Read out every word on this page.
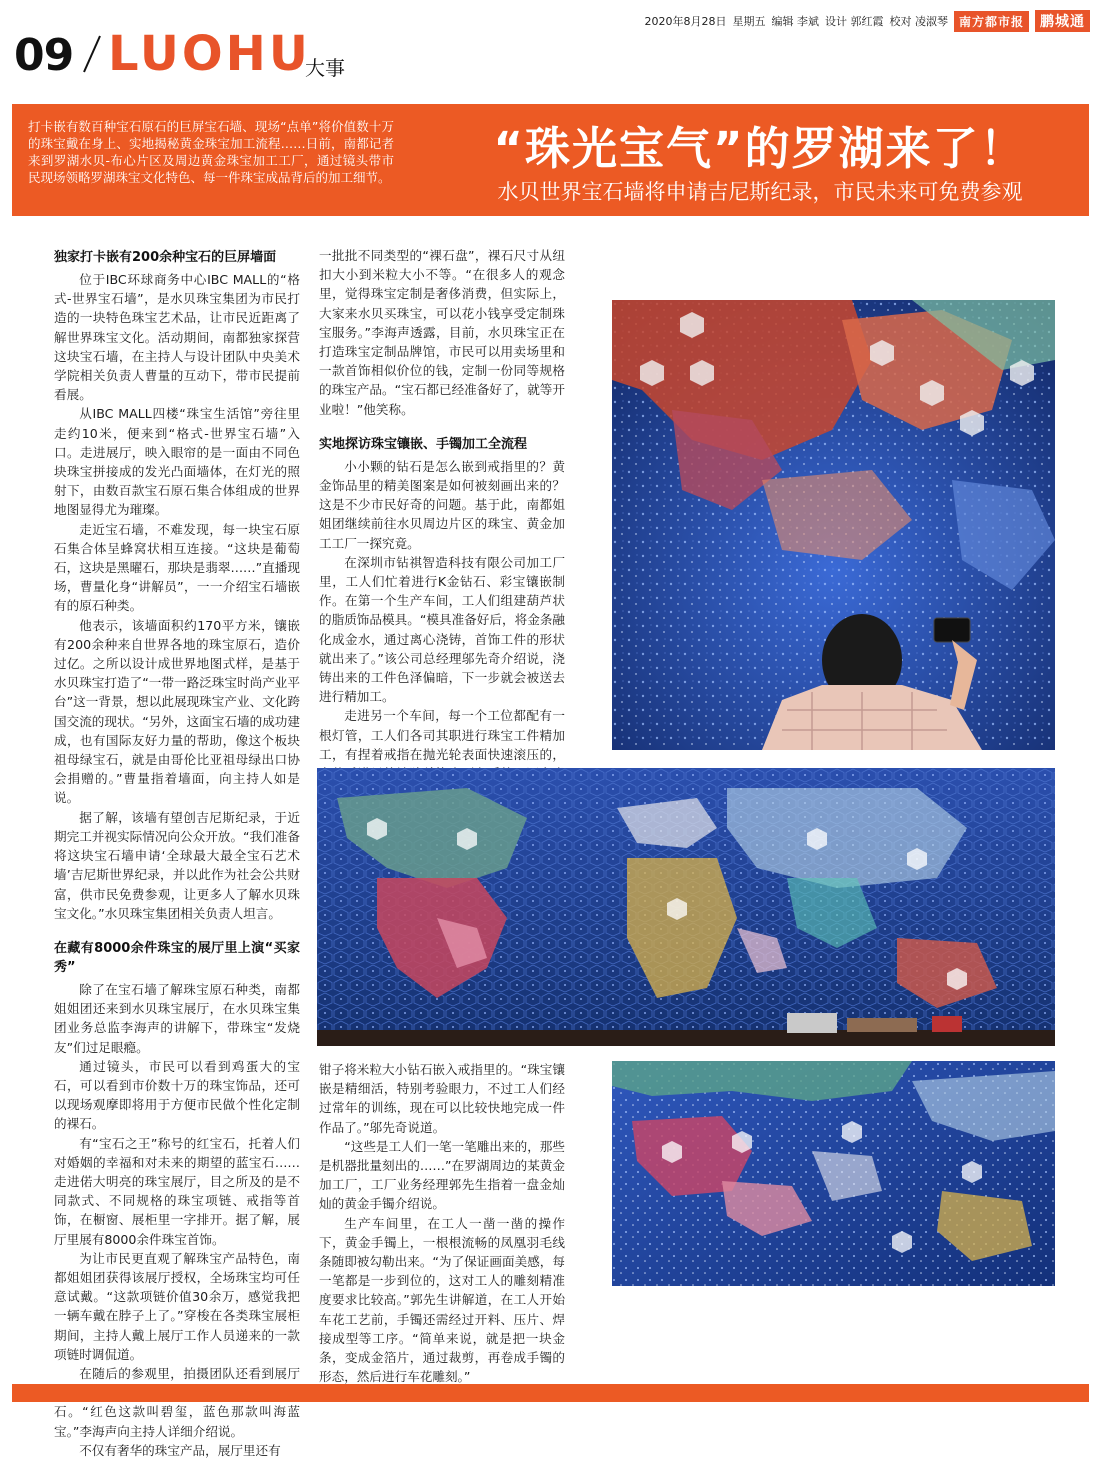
2020年8月28日 星期五 编辑 李斌 设计 郭红霞 校对 凌淑琴 南方都市报	鹏城通
09 LUOHU
大事
打卡嵌有数百种宝石原石的巨屏宝石墙、现场“点单”将价值数十万的珠宝戴在身上、实地揭秘黄金珠宝加工流程……日前，南都记者来到罗湖水贝-布心片区及周边黄金珠宝加工工厂，通过镜头带市民现场领略罗湖珠宝文化特色、每一件珠宝成品背后的加工细节。
“珠光宝气”的罗湖来了！
水贝世界宝石墙将申请吉尼斯纪录，市民未来可免费参观
独家打卡嵌有200余种宝石的巨屏墙面

位于IBC环球商务中心IBC MALL的“格式-世界宝石墙”，是水贝珠宝集团为市民打造的一块特色珠宝艺术品，让市民近距离了解世界珠宝文化。活动期间，南都独家探营这块宝石墙，在主持人与设计团队中央美术学院相关负责人曹量的互动下，带市民提前看展。

从IBC MALL四楼“珠宝生活馆”旁往里走约10米，便来到“格式-世界宝石墙”入口。走进展厅，映入眼帘的是一面由不同色块珠宝拼接成的发光凸面墙体，在灯光的照射下，由数百款宝石原石集合体组成的世界地图显得尤为璀璨。

走近宝石墙，不难发现，每一块宝石原石集合体呈蜂窝状相互连接。“这块是葡萄石，这块是黑曜石，那块是翡翠……”直播现场，曹量化身“讲解员”，一一介绍宝石墙嵌有的原石种类。

他表示，该墙面积约170平方米，镶嵌有200余种来自世界各地的珠宝原石，造价过亿。之所以设计成世界地图式样，是基于水贝珠宝打造了“一带一路泛珠宝时尚产业平台”这一背景，想以此展现珠宝产业、文化跨国交流的现状。“另外，这面宝石墙的成功建成，也有国际友好力量的帮助，像这个板块祖母绿宝石，就是由哥伦比亚祖母绿出口协会捐赠的。”曹量指着墙面，向主持人如是说。

据了解，该墙有望创吉尼斯纪录，于近期完工并视实际情况向公众开放。“我们准备将这块宝石墙申请‘全球最大最全宝石艺术墙’吉尼斯世界纪录，并以此作为社会公共财富，供市民免费参观，让更多人了解水贝珠宝文化。”水贝珠宝集团相关负责人坦言。

在藏有8000余件珠宝的展厅里上演“买家秀”

除了在宝石墙了解珠宝原石种类，南都姐姐团还来到水贝珠宝展厅，在水贝珠宝集团业务总监李海声的讲解下，带珠宝“发烧友”们过足眼瘾。

通过镜头，市民可以看到鸡蛋大的宝石，可以看到市价数十万的珠宝饰品，还可以现场观摩即将用于方便市民做个性化定制的裸石。

有“宝石之王”称号的红宝石，托着人们对婚姻的幸福和对未来的期望的蓝宝石……走进偌大明亮的珠宝展厅，目之所及的是不同款式、不同规格的珠宝项链、戒指等首饰，在橱窗、展柜里一字排开。据了解，展厅里展有8000余件珠宝首饰。

为让市民更直观了解珠宝产品特色，南都姐姐团获得该展厅授权，全场珠宝均可任意试戴。“这款项链价值30余万，感觉我把一辆车戴在脖子上了。”穿梭在各类珠宝展柜期间，主持人戴上展厅工作人员递来的一款项链时调侃道。

在随后的参观里，拍摄团队还看到展厅 石。“红色这款叫碧玺，蓝色那款叫海蓝宝。”李海声向主持人详细介绍说。

不仅有奢华的珠宝产品，展厅里还有

一批批不同类型的“裸石盘”，裸石尺寸从纽扣大小到米粒大小不等。“在很多人的观念里，觉得珠宝定制是奢侈消费，但实际上，大家来水贝买珠宝，可以花小钱享受定制珠宝服务。”李海声透露，目前，水贝珠宝正在打造珠宝定制品牌馆，市民可以用卖场里和一款首饰相似价位的钱，定制一份同等规格的珠宝产品。“宝石都已经准备好了，就等开业啦！”他笑称。

实地探访珠宝镶嵌、手镯加工全流程

小小颗的钻石是怎么嵌到戒指里的？黄金饰品里的精美图案是如何被刻画出来的？这是不少市民好奇的问题。基于此，南都姐姐团继续前往水贝周边片区的珠宝、黄金加工工厂一探究竟。

在深圳市钻祺智造科技有限公司加工厂里，工人们忙着进行K金钻石、彩宝镶嵌制作。在第一个生产车间，工人们组建葫芦状的脂质饰品模具。“模具准备好后，将金条融化成金水，通过离心浇铸，首饰工件的形状就出来了。”该公司总经理邬先奇介绍说，浇铸出来的工件色泽偏暗，下一步就会被送去进行精加工。

走进另一个车间，每一个工位都配有一根灯管，工人们各司其职进行珠宝工件精加工，有捏着戒指在抛光轮表面快速滚压的，

钳子将米粒大小钻石嵌入戒指里的。“珠宝镶嵌是精细活，特别考验眼力，不过工人们经过常年的训练，现在可以比较快地完成一件作品了。”邬先奇说道。

“这些是工人们一笔一笔雕出来的，那些是机器批量刻出的……”在罗湖周边的某黄金加工厂，工厂业务经理郭先生指着一盘金灿灿的黄金手镯介绍说。

生产车间里，在工人一凿一凿的操作下，黄金手镯上，一根根流畅的凤凰羽毛线条随即被勾勒出来。“为了保证画面美感，每一笔都是一步到位的，这对工人的雕刻精准度要求比较高。”郭先生讲解道，在工人开始车花工艺前，手镯还需经过开料、压片、焊接成型等工序。“简单来说，就是把一块金条，变成金箔片，通过裁剪，再卷成手镯的形态，然后进行车花雕刻。”
